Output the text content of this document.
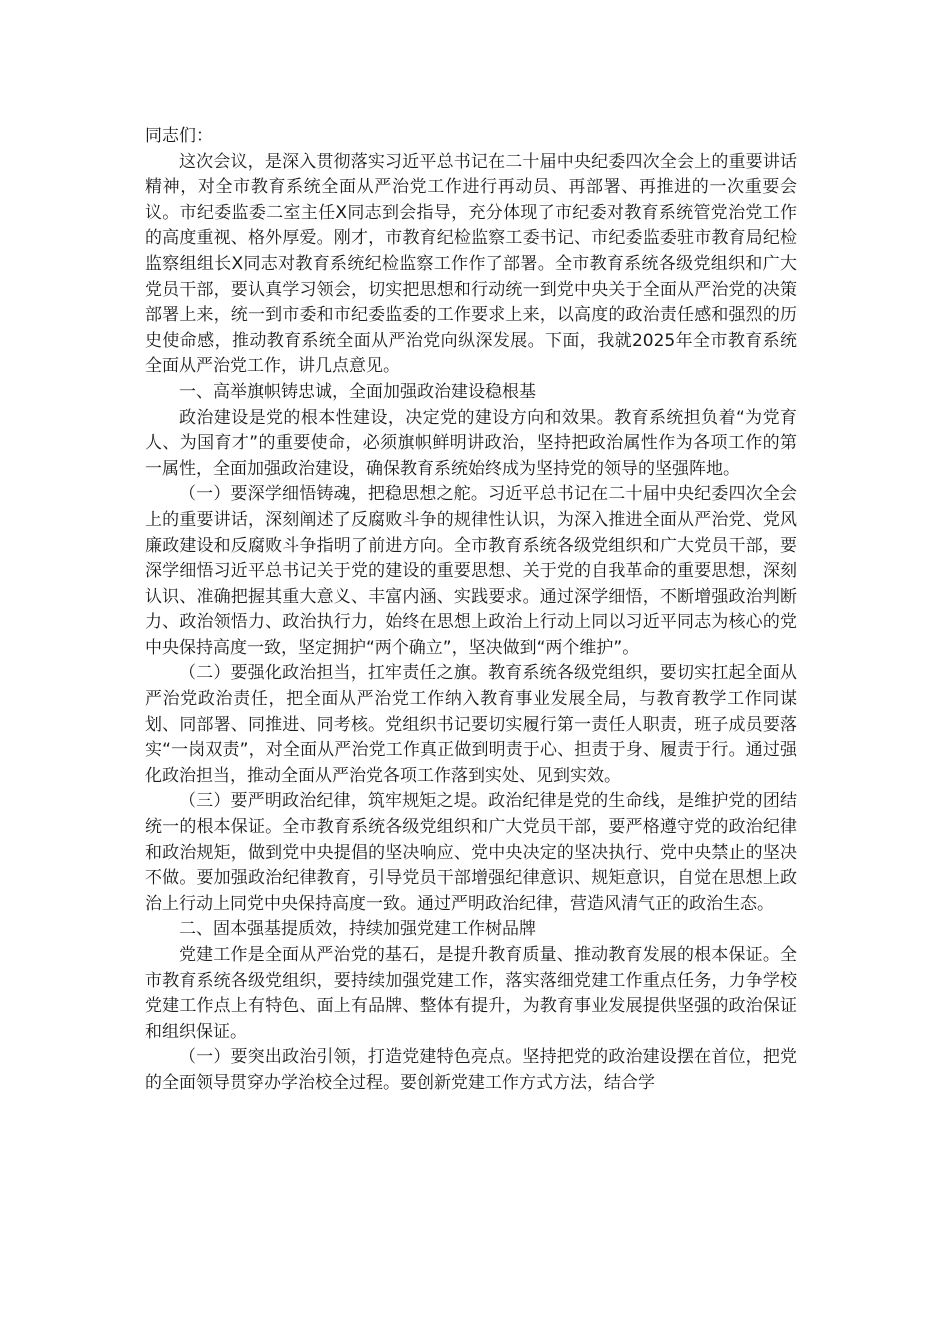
同志们：

这次会议，是深入贯彻落实习近平总书记在二十届中央纪委四次全会上的重要讲话精神，对全市教育系统全面从严治党工作进行再动员、再部署、再推进的一次重要会议。市纪委监委二室主任X同志到会指导，充分体现了市纪委对教育系统管党治党工作的高度重视、格外厚爱。刚才，市教育纪检监察工委书记、市纪委监委驻市教育局纪检监察组组长X同志对教育系统纪检监察工作作了部署。全市教育系统各级党组织和广大党员干部，要认真学习领会，切实把思想和行动统一到党中央关于全面从严治党的决策部署上来，统一到市委和市纪委监委的工作要求上来，以高度的政治责任感和强烈的历史使命感，推动教育系统全面从严治党向纵深发展。下面，我就2025年全市教育系统全面从严治党工作，讲几点意见。

一、高举旗帜铸忠诚，全面加强政治建设稳根基

政治建设是党的根本性建设，决定党的建设方向和效果。教育系统担负着“为党育人、为国育才”的重要使命，必须旗帜鲜明讲政治，坚持把政治属性作为各项工作的第一属性，全面加强政治建设，确保教育系统始终成为坚持党的领导的坚强阵地。

（一）要深学细悟铸魂，把稳思想之舵。习近平总书记在二十届中央纪委四次全会上的重要讲话，深刻阐述了反腐败斗争的规律性认识，为深入推进全面从严治党、党风廉政建设和反腐败斗争指明了前进方向。全市教育系统各级党组织和广大党员干部，要深学细悟习近平总书记关于党的建设的重要思想、关于党的自我革命的重要思想，深刻认识、准确把握其重大意义、丰富内涵、实践要求。通过深学细悟，不断增强政治判断力、政治领悟力、政治执行力，始终在思想上政治上行动上同以习近平同志为核心的党中央保持高度一致，坚定拥护“两个确立”，坚决做到“两个维护”。

（二）要强化政治担当，扛牢责任之旗。教育系统各级党组织，要切实扛起全面从严治党政治责任，把全面从严治党工作纳入教育事业发展全局，与教育教学工作同谋划、同部署、同推进、同考核。党组织书记要切实履行第一责任人职责，班子成员要落实“一岗双责”，对全面从严治党工作真正做到明责于心、担责于身、履责于行。通过强化政治担当，推动全面从严治党各项工作落到实处、见到实效。

（三）要严明政治纪律，筑牢规矩之堤。政治纪律是党的生命线，是维护党的团结统一的根本保证。全市教育系统各级党组织和广大党员干部，要严格遵守党的政治纪律和政治规矩，做到党中央提倡的坚决响应、党中央决定的坚决执行、党中央禁止的坚决不做。要加强政治纪律教育，引导党员干部增强纪律意识、规矩意识，自觉在思想上政治上行动上同党中央保持高度一致。通过严明政治纪律，营造风清气正的政治生态。

二、固本强基提质效，持续加强党建工作树品牌

党建工作是全面从严治党的基石，是提升教育质量、推动教育发展的根本保证。全市教育系统各级党组织，要持续加强党建工作，落实落细党建工作重点任务，力争学校党建工作点上有特色、面上有品牌、整体有提升，为教育事业发展提供坚强的政治保证和组织保证。

（一）要突出政治引领，打造党建特色亮点。坚持把党的政治建设摆在首位，把党的全面领导贯穿办学治校全过程。要创新党建工作方式方法，结合学
